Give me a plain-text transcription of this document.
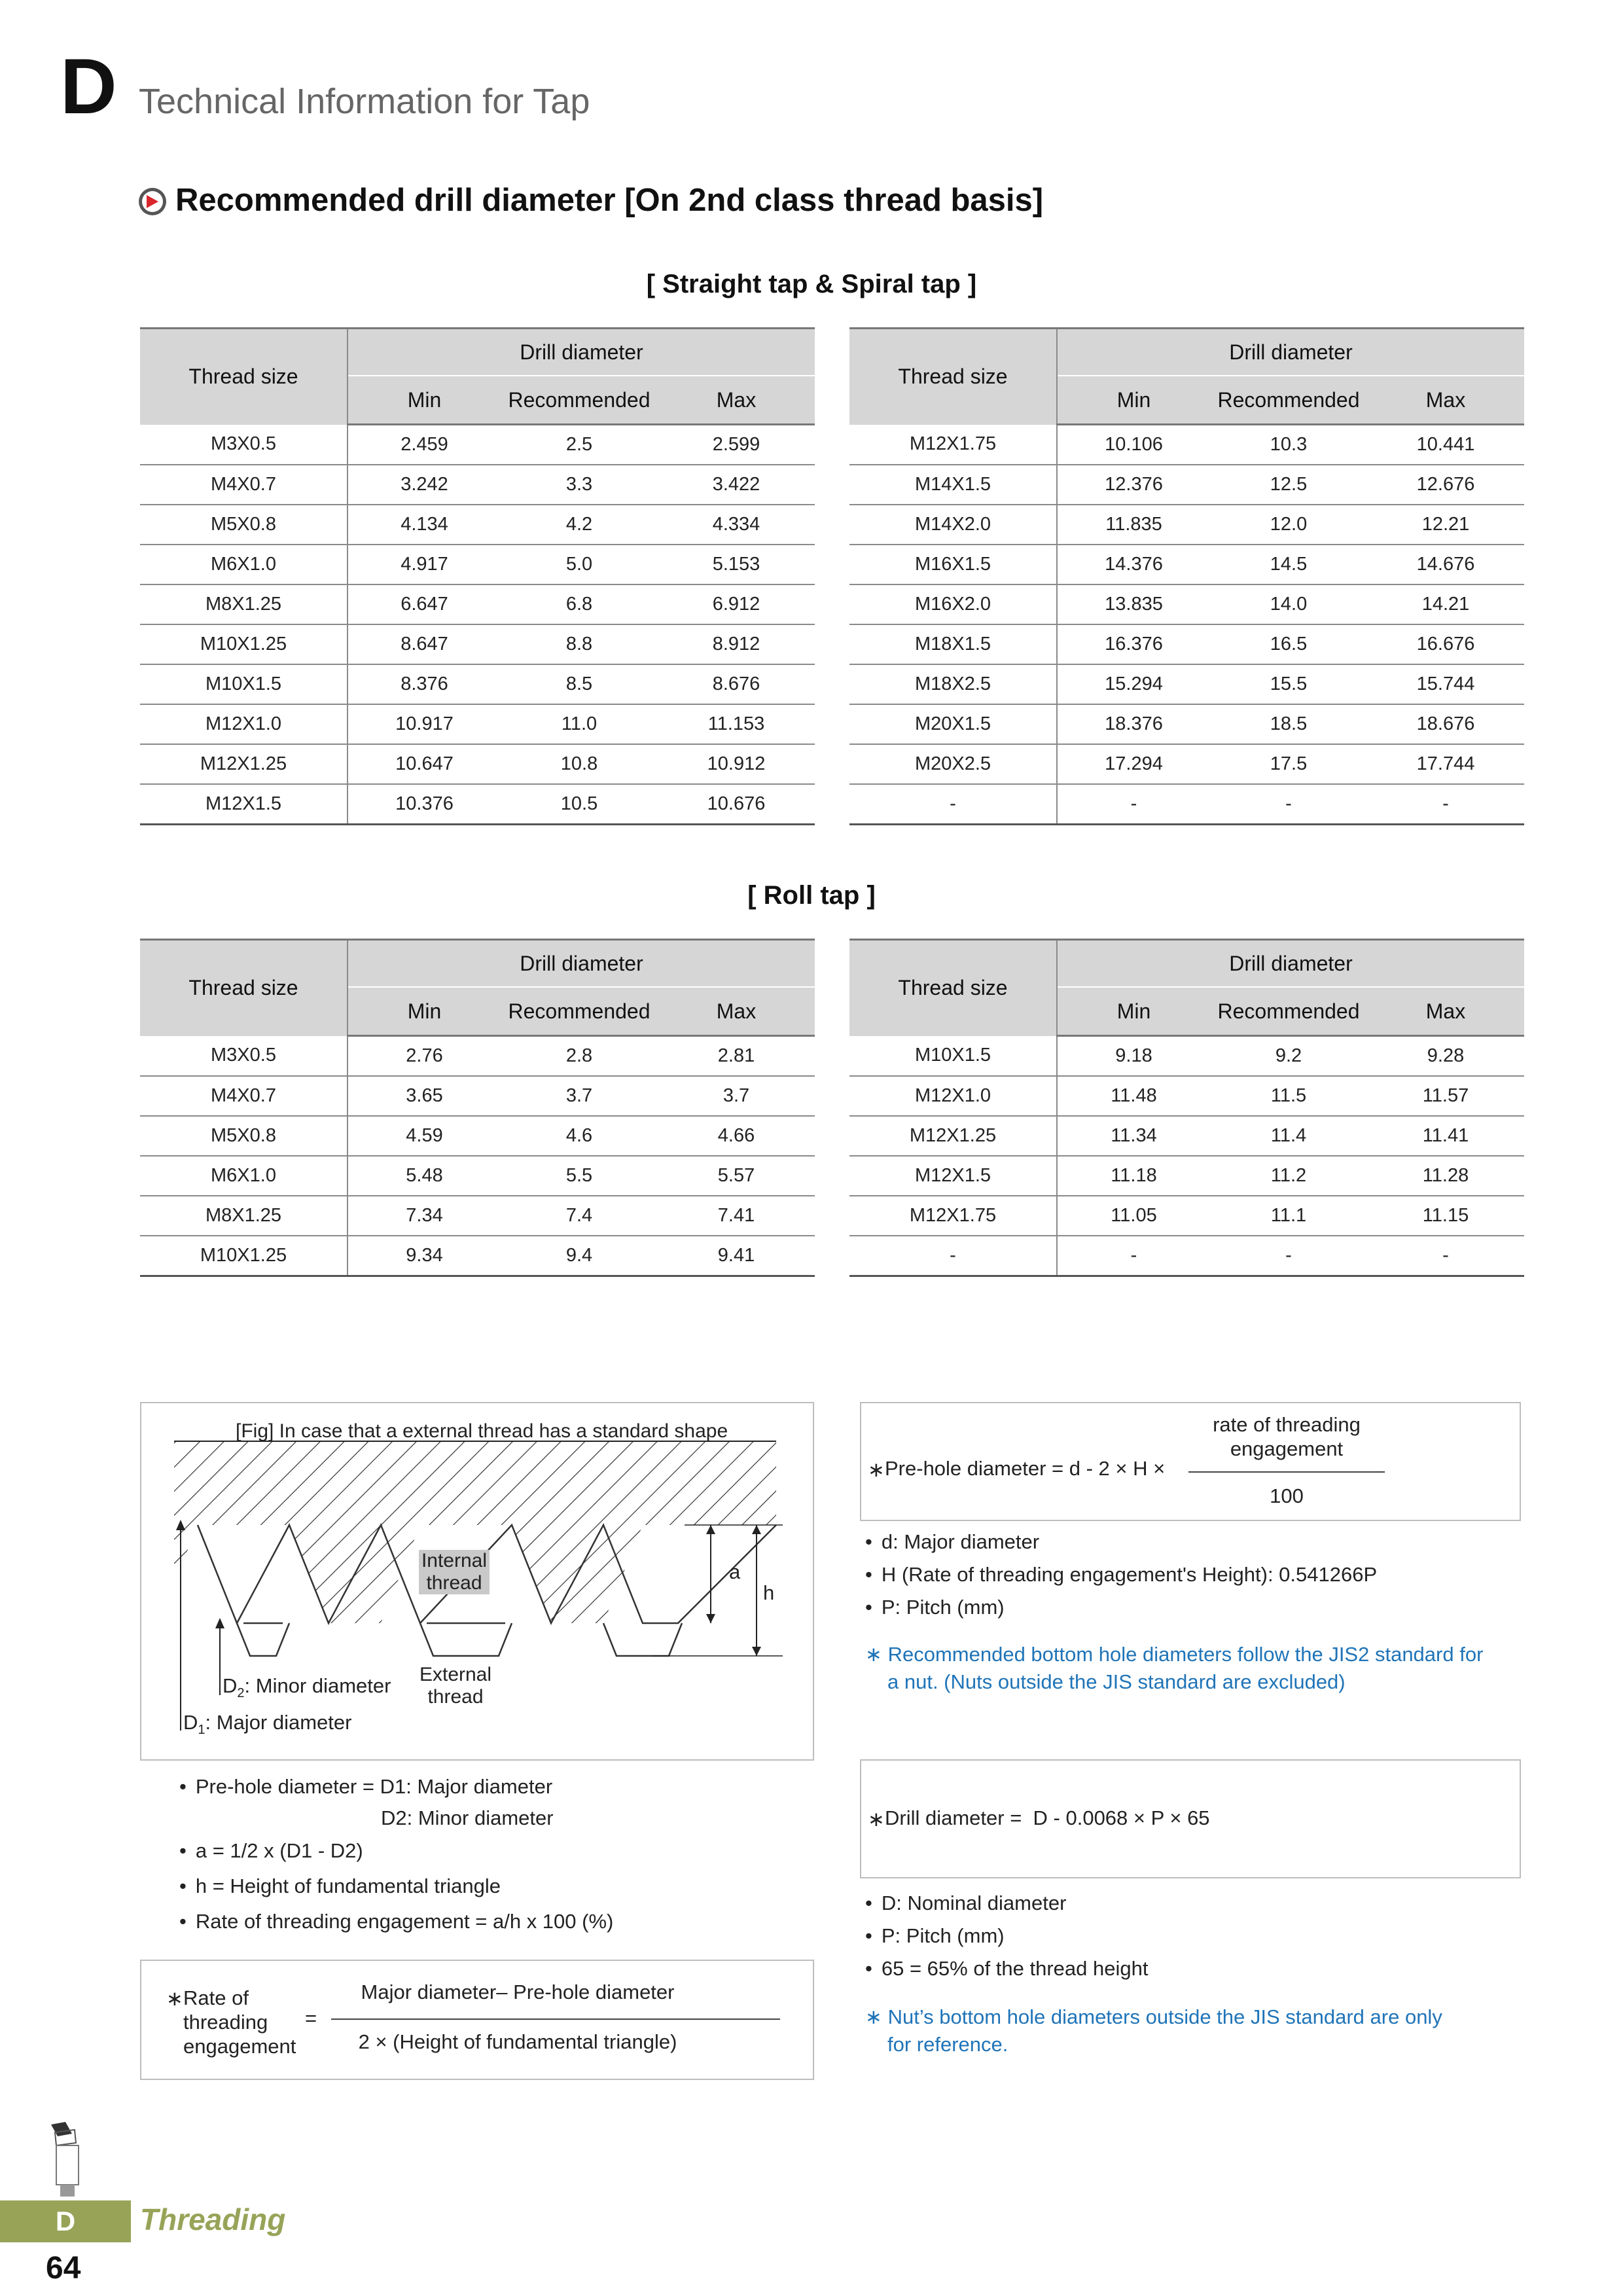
D Technical Information for Tap
Recommended drill diameter [On 2nd class thread basis]
[ Straight tap & Spiral tap ]
Thread size	Drill diameter		
	Min	Recommended	Max
M3X0.5	2.459	2.5	2.599
M4X0.7	3.242	3.3	3.422
M5X0.8	4.134	4.2	4.334
M6X1.0	4.917	5.0	5.153
M8X1.25	6.647	6.8	6.912
M10X1.25	8.647	8.8	8.912
M10X1.5	8.376	8.5	8.676
M12X1.0	10.917	11.0	11.153
M12X1.25	10.647	10.8	10.912
M12X1.5	10.376	10.5	10.676
Thread size	Drill diameter		
	Min	Recommended	Max
M12X1.75	10.106	10.3	10.441
M14X1.5	12.376	12.5	12.676
M14X2.0	11.835	12.0	12.21
M16X1.5	14.376	14.5	14.676
M16X2.0	13.835	14.0	14.21
M18X1.5	16.376	16.5	16.676
M18X2.5	15.294	15.5	15.744
M20X1.5	18.376	18.5	18.676
M20X2.5	17.294	17.5	17.744
-	-	-	-
[ Roll tap ]
Thread size	Drill diameter		
	Min	Recommended	Max
M3X0.5	2.76	2.8	2.81
M4X0.7	3.65	3.7	3.7
M5X0.8	4.59	4.6	4.66
M6X1.0	5.48	5.5	5.57
M8X1.25	7.34	7.4	7.41
M10X1.25	9.34	9.4	9.41
Thread size	Drill diameter		
	Min	Recommended	Max
M10X1.5	9.18	9.2	9.28
M12X1.0	11.48	11.5	11.57
M12X1.25	11.34	11.4	11.41
M12X1.5	11.18	11.2	11.28
M12X1.75	11.05	11.1	11.15
-	-	-	-
[Fig] In case that a external thread has a standard shape
Internal
thread
External
thread
a
h
$D_2$: Minor diameter
$D_1$: Major diameter
• Pre-hole diameter = D1: Major diameter
D2: Minor diameter
• a = 1/2 x (D1 - D2)
• h = Height of fundamental triangle
• Rate of threading engagement = a/h x 100 (%)
∗ Rate of
threading
engagement
=
Major diameter– Pre-hole diameter
2 × (Height of fundamental triangle)
∗ Pre-hole diameter = d - 2 × H ×
rate of threading
engagement
100
• d: Major diameter
• H (Rate of threading engagement's Height): 0.541266P
• P: Pitch (mm)
∗ Recommended bottom hole diameters follow the JIS2 standard for
a nut. (Nuts outside the JIS standard are excluded)
∗ Drill diameter =  D - 0.0068 × P × 65
• D: Nominal diameter
• P: Pitch (mm)
• 65 = 65% of the thread height
∗ Nut’s bottom hole diameters outside the JIS standard are only
for reference.
D	Threading
64
